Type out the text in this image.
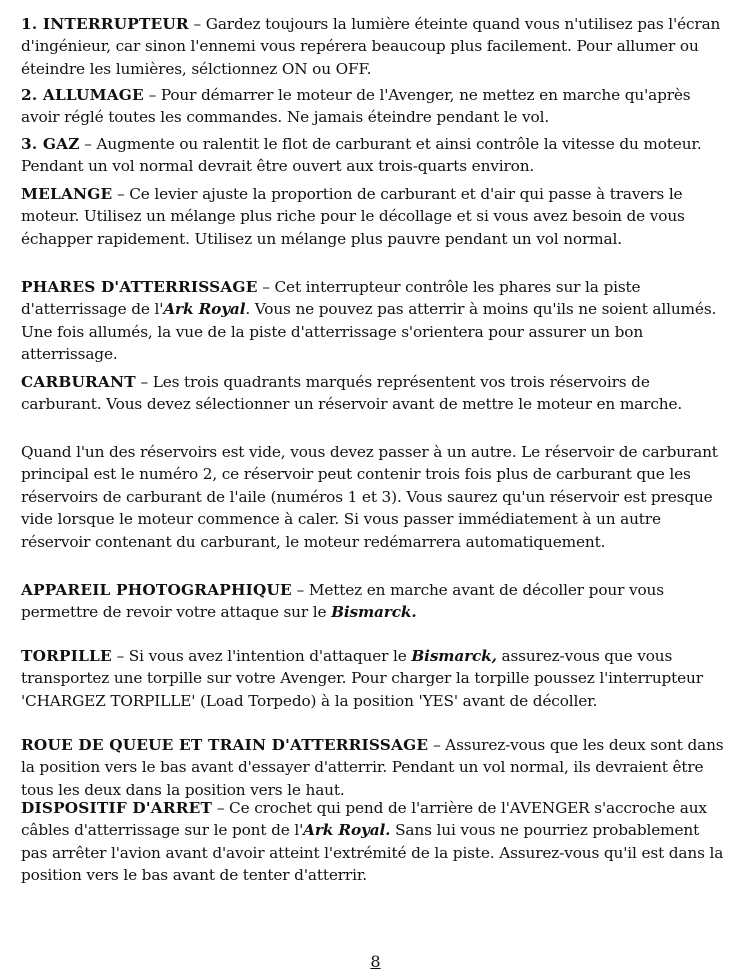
1. INTERRUPTEUR – Gardez toujours la lumière éteinte quand vous n'utilisez pas l'écran d'ingénieur, car sinon l'ennemi vous repérera beaucoup plus facilement. Pour allumer ou éteindre les lumières, sélctionnez ON ou OFF.

2. ALLUMAGE – Pour démarrer le moteur de l'Avenger, ne mettez en marche qu'après avoir réglé toutes les commandes. Ne jamais éteindre pendant le vol.

3. GAZ – Augmente ou ralentit le flot de carburant et ainsi contrôle la vitesse du moteur. Pendant un vol normal devrait être ouvert aux trois-quarts environ.

MELANGE – Ce levier ajuste la proportion de carburant et d'air qui passe à travers le moteur. Utilisez un mélange plus riche pour le décollage et si vous avez besoin de vous échapper rapidement. Utilisez un mélange plus pauvre pendant un vol normal.

PHARES D'ATTERRISSAGE – Cet interrupteur contrôle les phares sur la piste d'atterrissage de l'Ark Royal. Vous ne pouvez pas atterrir à moins qu'ils ne soient allumés. Une fois allumés, la vue de la piste d'atterrissage s'orientera pour assurer un bon atterrissage.

CARBURANT – Les trois quadrants marqués représentent vos trois réservoirs de carburant. Vous devez sélectionner un réservoir avant de mettre le moteur en marche.

Quand l'un des réservoirs est vide, vous devez passer à un autre. Le réservoir de carburant principal est le numéro 2, ce réservoir peut contenir trois fois plus de carburant que les réservoirs de carburant de l'aile (numéros 1 et 3). Vous saurez qu'un réservoir est presque vide lorsque le moteur commence à caler. Si vous passer immédiatement à un autre réservoir contenant du carburant, le moteur redémarrera automatiquement.

APPAREIL PHOTOGRAPHIQUE – Mettez en marche avant de décoller pour vous permettre de revoir votre attaque sur le Bismarck.

TORPILLE – Si vous avez l'intention d'attaquer le Bismarck, assurez-vous que vous transportez une torpille sur votre Avenger. Pour charger la torpille poussez l'interrupteur 'CHARGEZ TORPILLE' (Load Torpedo) à la position 'YES' avant de décoller.

ROUE DE QUEUE ET TRAIN D'ATTERRISSAGE – Assurez-vous que les deux sont dans la position vers le bas avant d'essayer d'atterrir. Pendant un vol normal, ils devraient être tous les deux dans la position vers le haut.

DISPOSITIF D'ARRET – Ce crochet qui pend de l'arrière de l'AVENGER s'accroche aux câbles d'atterrissage sur le pont de l'Ark Royal. Sans lui vous ne pourriez probablement pas arrêter l'avion avant d'avoir atteint l'extrémité de la piste. Assurez-vous qu'il est dans la position vers le bas avant de tenter d'atterrir.

8
